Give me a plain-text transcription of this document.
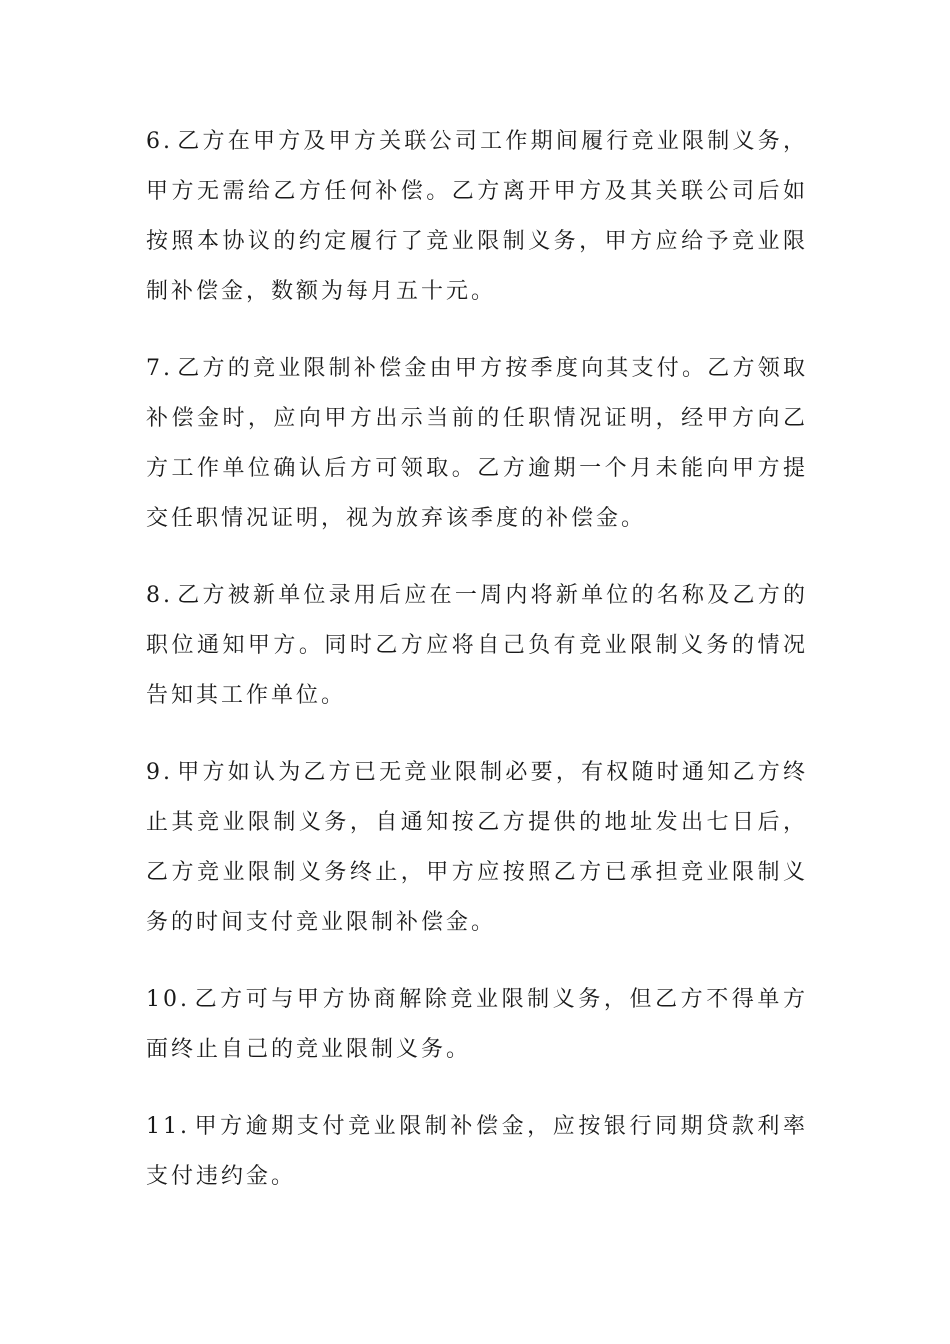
6. 乙方在甲方及甲方关联公司工作期间履行竞业限制义务，甲方无需给乙方任何补偿。乙方离开甲方及其关联公司后如按照本协议的约定履行了竞业限制义务，甲方应给予竞业限制补偿金，数额为每月五十元。

7. 乙方的竞业限制补偿金由甲方按季度向其支付。乙方领取补偿金时，应向甲方出示当前的任职情况证明，经甲方向乙方工作单位确认后方可领取。乙方逾期一个月未能向甲方提交任职情况证明，视为放弃该季度的补偿金。

8. 乙方被新单位录用后应在一周内将新单位的名称及乙方的职位通知甲方。同时乙方应将自己负有竞业限制义务的情况告知其工作单位。

9. 甲方如认为乙方已无竞业限制必要，有权随时通知乙方终止其竞业限制义务，自通知按乙方提供的地址发出七日后，乙方竞业限制义务终止，甲方应按照乙方已承担竞业限制义务的时间支付竞业限制补偿金。

10. 乙方可与甲方协商解除竞业限制义务，但乙方不得单方面终止自己的竞业限制义务。

11. 甲方逾期支付竞业限制补偿金，应按银行同期贷款利率支付违约金。
